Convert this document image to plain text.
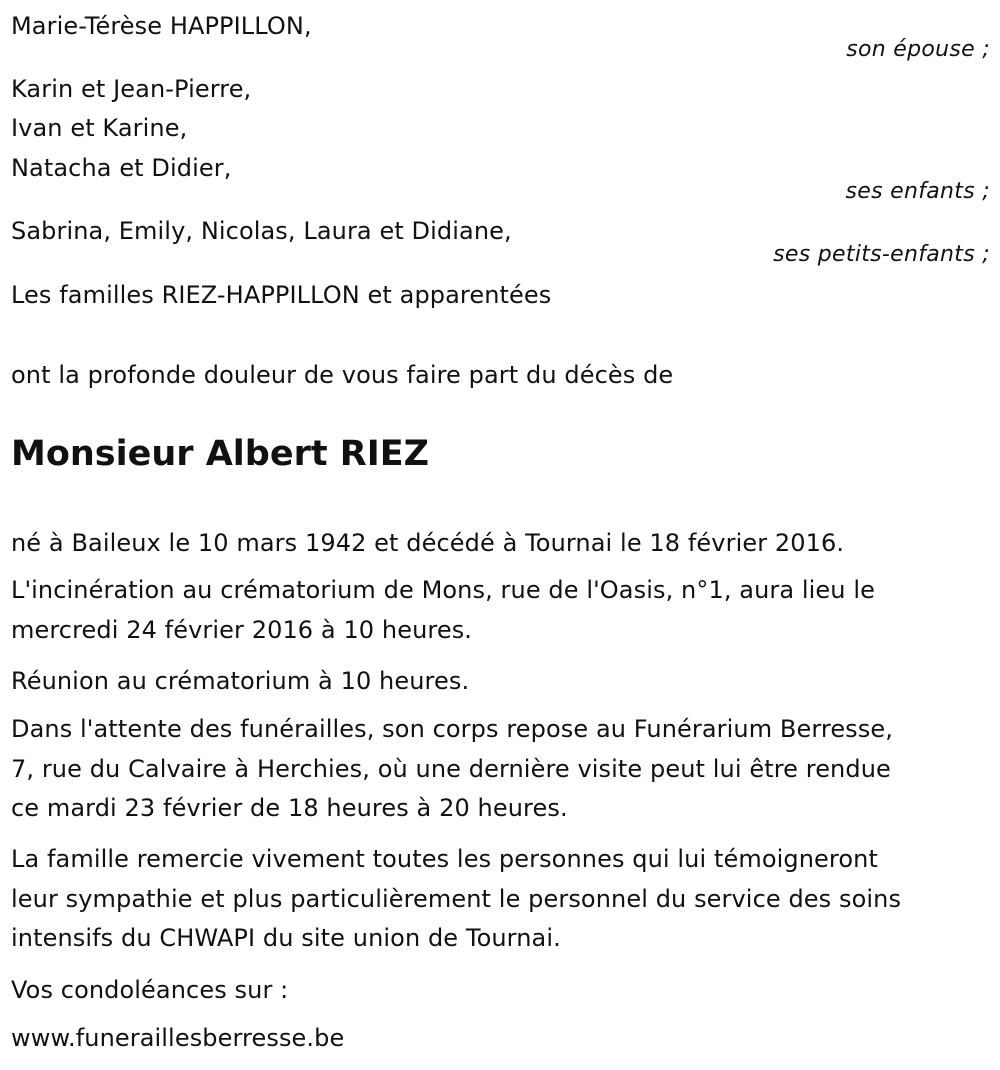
Marie-Térèse HAPPILLON,
son épouse ;
Karin et Jean-Pierre,
Ivan et Karine,
Natacha et Didier,
ses enfants ;
Sabrina, Emily, Nicolas, Laura et Didiane,
ses petits-enfants ;
Les familles RIEZ-HAPPILLON et apparentées
ont la profonde douleur de vous faire part du décès de
Monsieur Albert RIEZ
né à Baileux le 10 mars 1942 et décédé à Tournai le 18 février 2016.
L'incinération au crématorium de Mons, rue de l'Oasis, n°1, aura lieu le
mercredi 24 février 2016 à 10 heures.
Réunion au crématorium à 10 heures.
Dans l'attente des funérailles, son corps repose au Funérarium Berresse,
7, rue du Calvaire à Herchies, où une dernière visite peut lui être rendue
ce mardi 23 février de 18 heures à 20 heures.
La famille remercie vivement toutes les personnes qui lui témoigneront
leur sympathie et plus particulièrement le personnel du service des soins
intensifs du CHWAPI du site union de Tournai.
Vos condoléances sur :
www.funeraillesberresse.be
